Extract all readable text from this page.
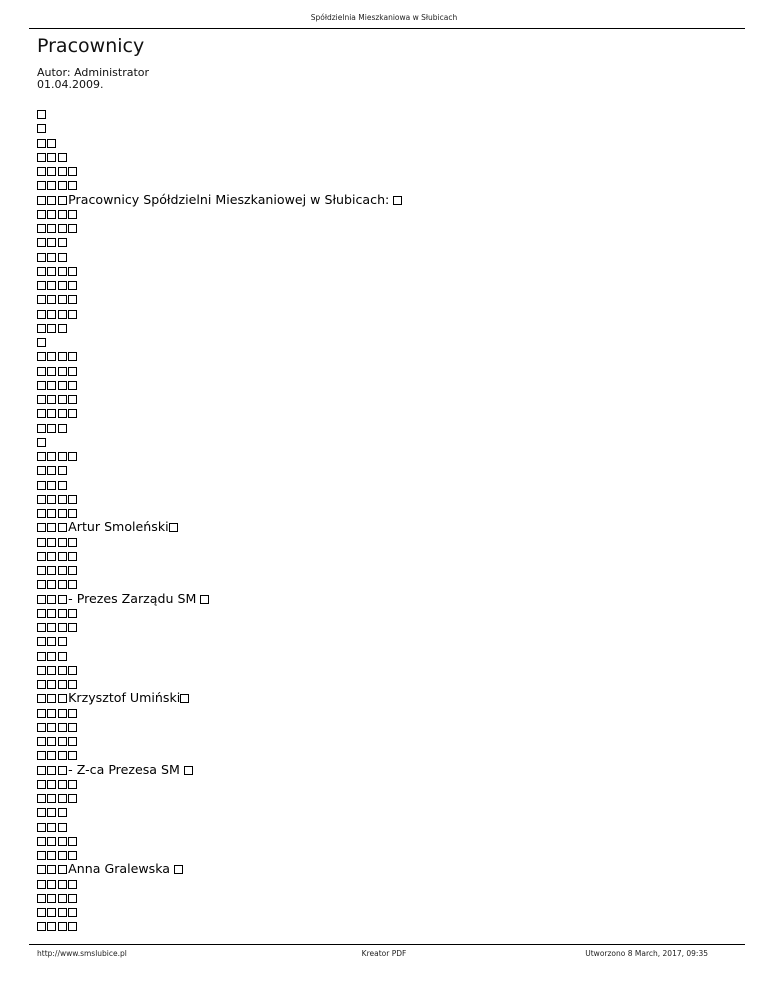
Spółdzielnia Mieszkaniowa w Słubicach
Pracownicy
Autor: Administrator
01.04.2009.
Pracownicy Spółdzielni Mieszkaniowej w Słubicach:
Artur Smoleński
- Prezes Zarządu SM
Krzysztof Umiński
- Z-ca Prezesa SM
Anna Gralewska
http://www.smslubice.pl	Kreator PDF	Utworzono 8 March, 2017, 09:35
